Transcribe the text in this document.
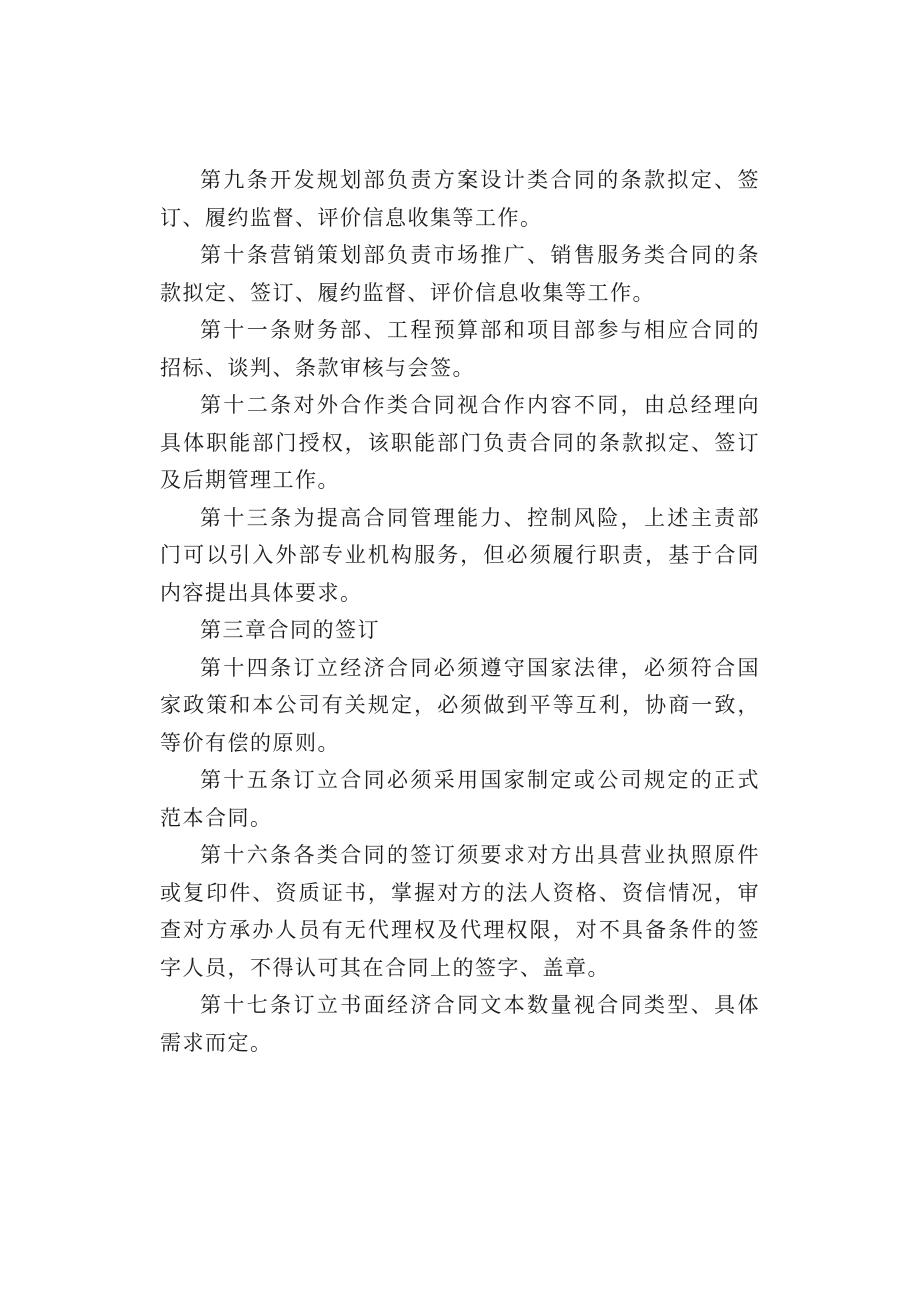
第九条开发规划部负责方案设计类合同的条款拟定、签订、履约监督、评价信息收集等工作。

第十条营销策划部负责市场推广、销售服务类合同的条款拟定、签订、履约监督、评价信息收集等工作。

第十一条财务部、工程预算部和项目部参与相应合同的招标、谈判、条款审核与会签。

第十二条对外合作类合同视合作内容不同，由总经理向具体职能部门授权，该职能部门负责合同的条款拟定、签订及后期管理工作。

第十三条为提高合同管理能力、控制风险，上述主责部门可以引入外部专业机构服务，但必须履行职责，基于合同内容提出具体要求。

第三章合同的签订

第十四条订立经济合同必须遵守国家法律，必须符合国家政策和本公司有关规定，必须做到平等互利，协商一致，等价有偿的原则。

第十五条订立合同必须采用国家制定或公司规定的正式范本合同。

第十六条各类合同的签订须要求对方出具营业执照原件或复印件、资质证书，掌握对方的法人资格、资信情况，审查对方承办人员有无代理权及代理权限，对不具备条件的签字人员，不得认可其在合同上的签字、盖章。

第十七条订立书面经济合同文本数量视合同类型、具体需求而定。
